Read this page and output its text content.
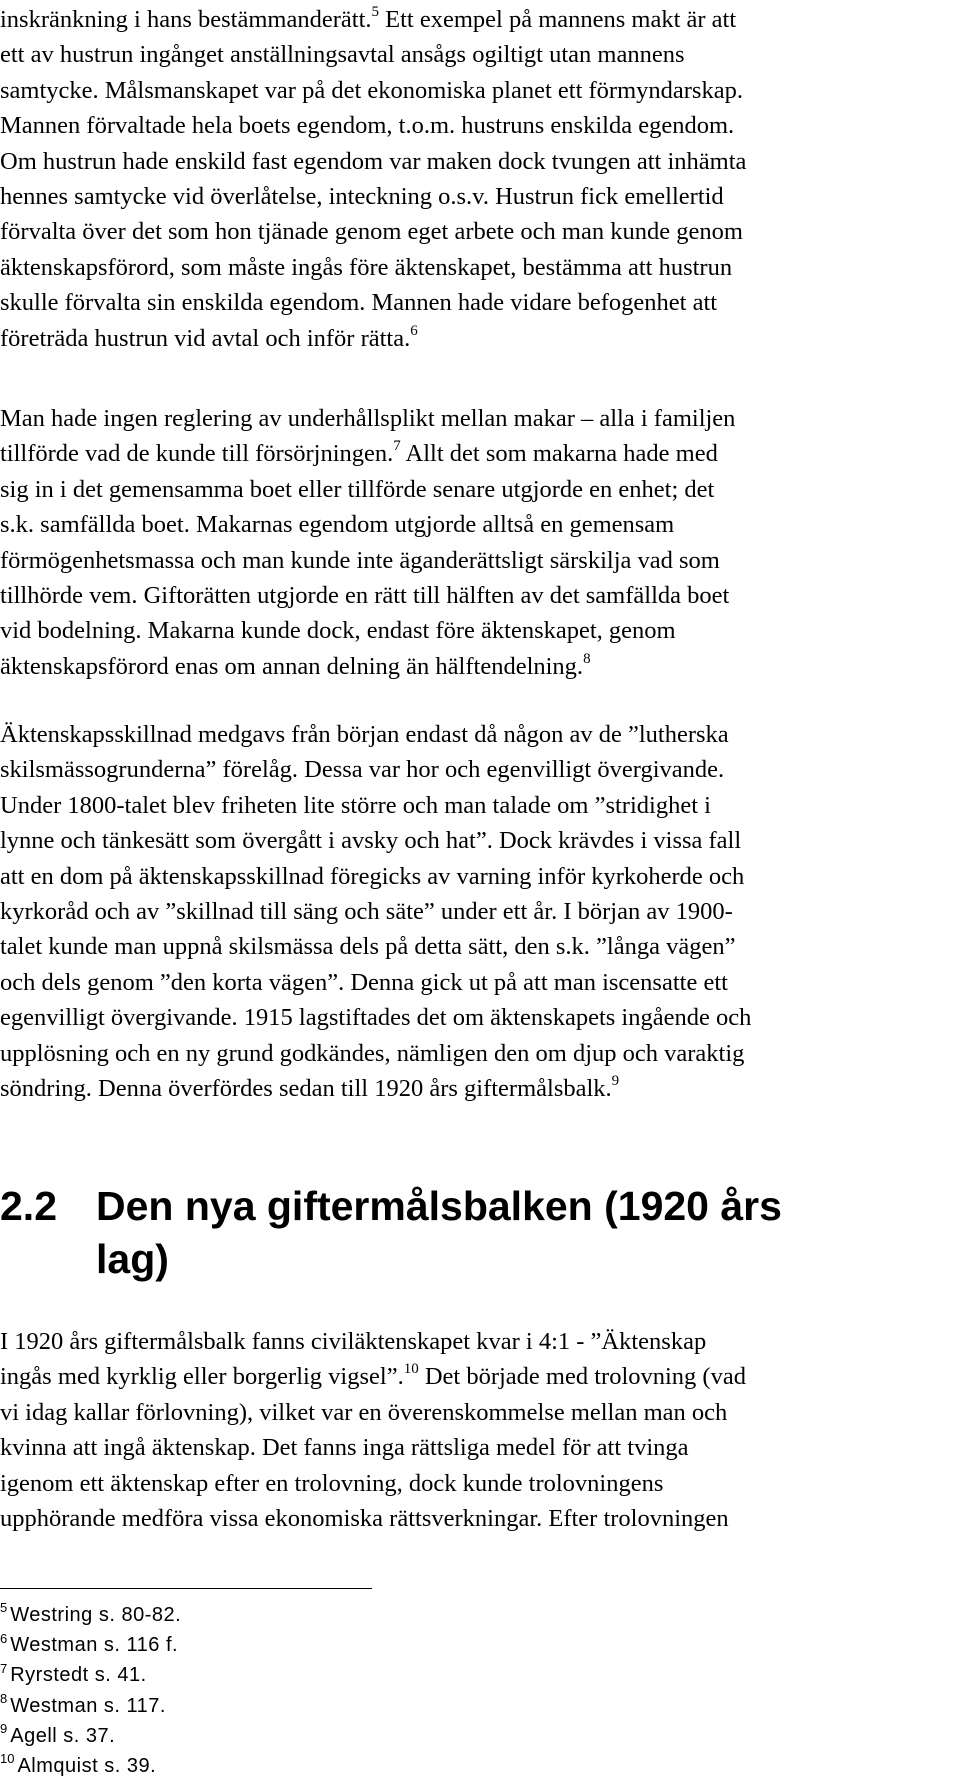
inskränkning i hans bestämmanderätt.$^5$ Ett exempel på mannens makt är att
ett av hustrun ingånget anställningsavtal ansågs ogiltigt utan mannens
samtycke. Målsmanskapet var på det ekonomiska planet ett förmyndarskap.
Mannen förvaltade hela boets egendom, t.o.m. hustruns enskilda egendom.
Om hustrun hade enskild fast egendom var maken dock tvungen att inhämta
hennes samtycke vid överlåtelse, inteckning o.s.v. Hustrun fick emellertid
förvalta över det som hon tjänade genom eget arbete och man kunde genom
äktenskapsförord, som måste ingås före äktenskapet, bestämma att hustrun
skulle förvalta sin enskilda egendom. Mannen hade vidare befogenhet att
företräda hustrun vid avtal och inför rätta.$^6$
Man hade ingen reglering av underhållsplikt mellan makar – alla i familjen
tillförde vad de kunde till försörjningen.$^7$ Allt det som makarna hade med
sig in i det gemensamma boet eller tillförde senare utgjorde en enhet; det
s.k. samfällda boet. Makarnas egendom utgjorde alltså en gemensam
förmögenhetsmassa och man kunde inte äganderättsligt särskilja vad som
tillhörde vem. Giftorätten utgjorde en rätt till hälften av det samfällda boet
vid bodelning. Makarna kunde dock, endast före äktenskapet, genom
äktenskapsförord enas om annan delning än hälftendelning.$^8$
Äktenskapsskillnad medgavs från början endast då någon av de ”lutherska
skilsmässogrunderna” förelåg. Dessa var hor och egenvilligt övergivande.
Under 1800-talet blev friheten lite större och man talade om ”stridighet i
lynne och tänkesätt som övergått i avsky och hat”. Dock krävdes i vissa fall
att en dom på äktenskapsskillnad föregicks av varning inför kyrkoherde och
kyrkoråd och av ”skillnad till säng och säte” under ett år. I början av 1900-
talet kunde man uppnå skilsmässa dels på detta sätt, den s.k. ”långa vägen”
och dels genom ”den korta vägen”. Denna gick ut på att man iscensatte ett
egenvilligt övergivande. 1915 lagstiftades det om äktenskapets ingående och
upplösning och en ny grund godkändes, nämligen den om djup och varaktig
söndring. Denna överfördes sedan till 1920 års giftermålsbalk.$^9$
2.2 Den nya giftermålsbalken (1920 års
lag)
I 1920 års giftermålsbalk fanns civiläktenskapet kvar i 4:1 - ”Äktenskap
ingås med kyrklig eller borgerlig vigsel”.$^{10}$ Det började med trolovning (vad
vi idag kallar förlovning), vilket var en överenskommelse mellan man och
kvinna att ingå äktenskap. Det fanns inga rättsliga medel för att tvinga
igenom ett äktenskap efter en trolovning, dock kunde trolovningens
upphörande medföra vissa ekonomiska rättsverkningar. Efter trolovningen
$^5$ Westring s. 80-82.
$^6$ Westman s. 116 f.
$^7$ Ryrstedt s. 41.
$^8$ Westman s. 117.
$^9$ Agell s. 37.
$^{10}$ Almquist s. 39.
